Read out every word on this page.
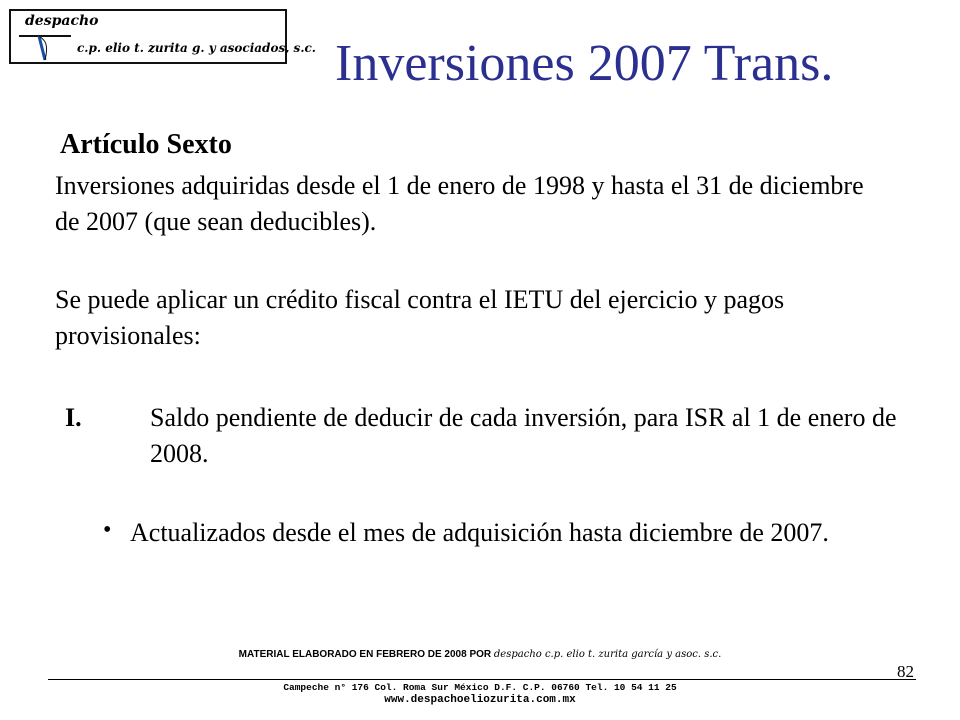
despacho
c.p. elio t. zurita g. y asociados, s.c. Inversiones 2007 Trans.
Artículo Sexto
Inversiones adquiridas desde el 1 de enero de 1998 y hasta el 31 de diciembre de 2007 (que sean deducibles).
Se puede aplicar un crédito fiscal contra el IETU del ejercicio y pagos provisionales:
I.	Saldo pendiente de deducir de cada inversión, para ISR al 1 de enero de 2008.
• Actualizados desde el mes de adquisición hasta diciembre de 2007.
MATERIAL ELABORADO EN FEBRERO DE 2008 POR despacho c.p. elio t. zurita garcía y asoc. s.c.
82
Campeche n° 176 Col. Roma Sur México D.F. C.P. 06760 Tel. 10 54 11 25
www.despachoeliozurita.com.mx
